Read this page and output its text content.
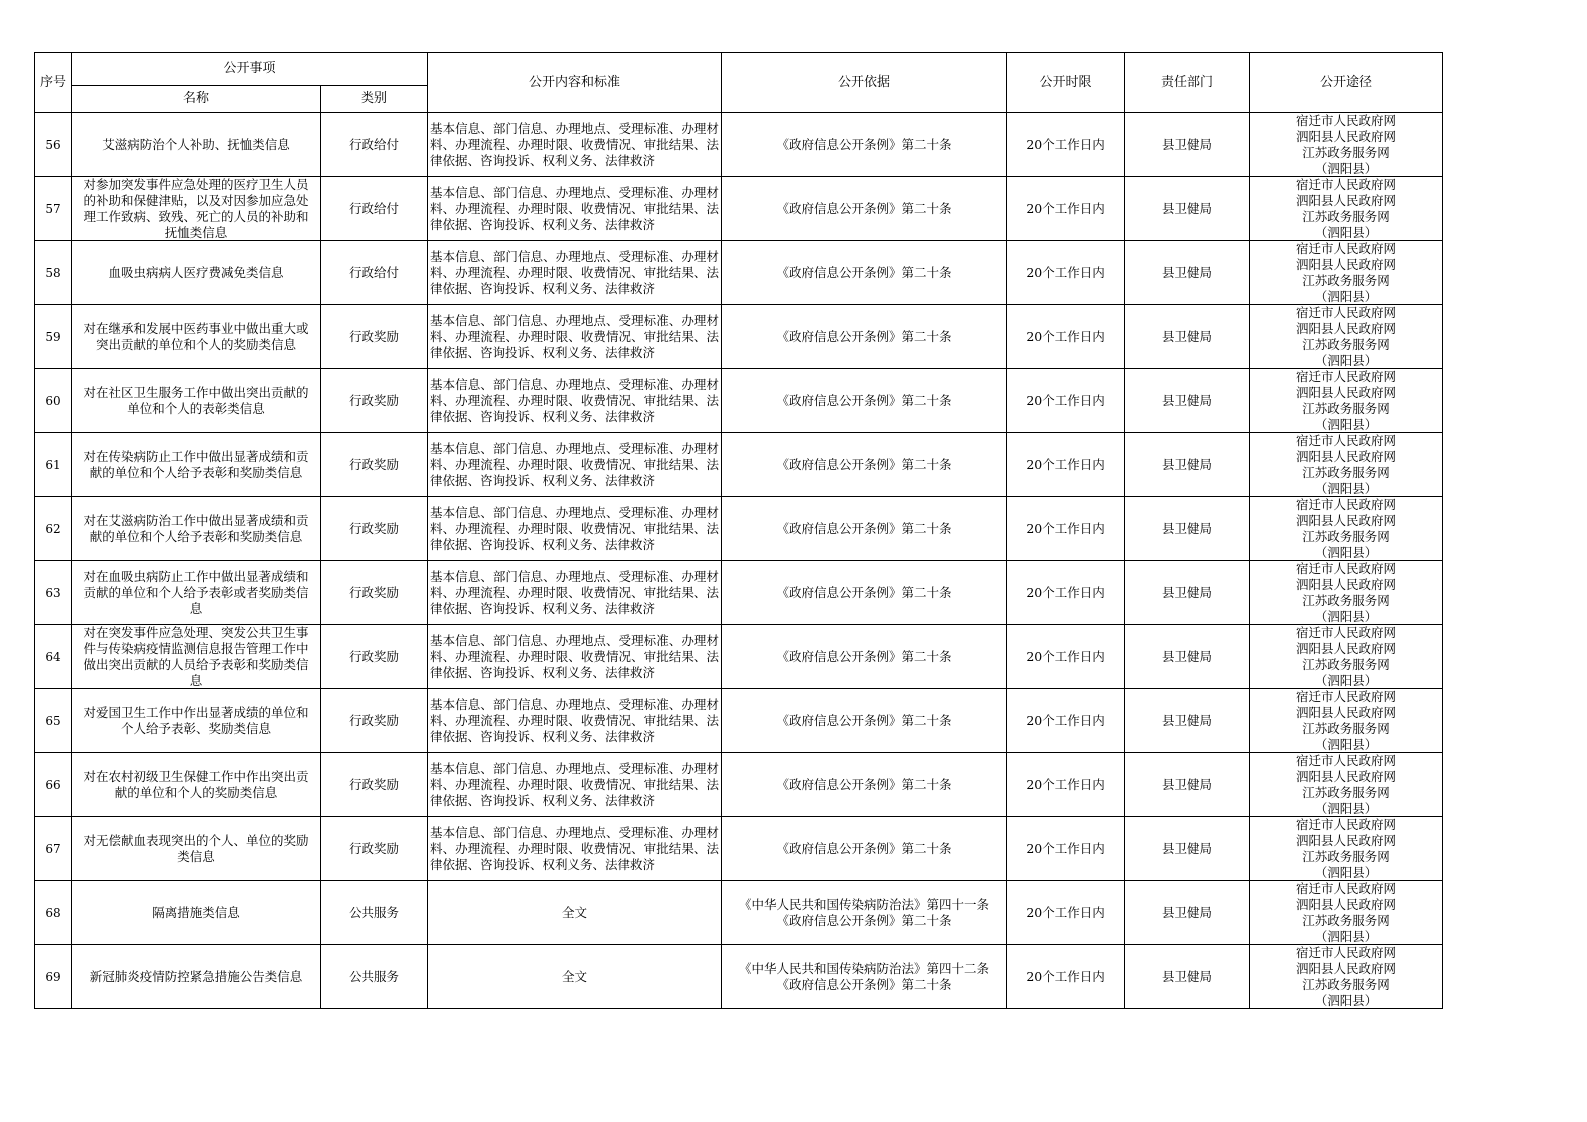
序号	公开事项		公开内容和标准	公开依据	公开时限	责任部门	公开途径
	名称	类别					

56	艾滋病防治个人补助、抚恤类信息	行政给付	基本信息、部门信息、办理地点、受理标准、办理材料、办理流程、办理时限、收费情况、审批结果、法律依据、咨询投诉、权利义务、法律救济	《政府信息公开条例》第二十条	20个工作日内	县卫健局	宿迁市人民政府网
泗阳县人民政府网
江苏政务服务网
（泗阳县）

57	对参加突发事件应急处理的医疗卫生人员的补助和保健津贴，以及对因参加应急处理工作致病、致残、死亡的人员的补助和抚恤类信息	行政给付	基本信息、部门信息、办理地点、受理标准、办理材料、办理流程、办理时限、收费情况、审批结果、法律依据、咨询投诉、权利义务、法律救济	《政府信息公开条例》第二十条	20个工作日内	县卫健局	宿迁市人民政府网
泗阳县人民政府网
江苏政务服务网
（泗阳县）

58	血吸虫病病人医疗费减免类信息	行政给付	基本信息、部门信息、办理地点、受理标准、办理材料、办理流程、办理时限、收费情况、审批结果、法律依据、咨询投诉、权利义务、法律救济	《政府信息公开条例》第二十条	20个工作日内	县卫健局	宿迁市人民政府网
泗阳县人民政府网
江苏政务服务网
（泗阳县）

59	对在继承和发展中医药事业中做出重大或突出贡献的单位和个人的奖励类信息	行政奖励	基本信息、部门信息、办理地点、受理标准、办理材料、办理流程、办理时限、收费情况、审批结果、法律依据、咨询投诉、权利义务、法律救济	《政府信息公开条例》第二十条	20个工作日内	县卫健局	宿迁市人民政府网
泗阳县人民政府网
江苏政务服务网
（泗阳县）

60	对在社区卫生服务工作中做出突出贡献的单位和个人的表彰类信息	行政奖励	基本信息、部门信息、办理地点、受理标准、办理材料、办理流程、办理时限、收费情况、审批结果、法律依据、咨询投诉、权利义务、法律救济	《政府信息公开条例》第二十条	20个工作日内	县卫健局	宿迁市人民政府网
泗阳县人民政府网
江苏政务服务网
（泗阳县）

61	对在传染病防止工作中做出显著成绩和贡献的单位和个人给予表彰和奖励类信息	行政奖励	基本信息、部门信息、办理地点、受理标准、办理材料、办理流程、办理时限、收费情况、审批结果、法律依据、咨询投诉、权利义务、法律救济	《政府信息公开条例》第二十条	20个工作日内	县卫健局	宿迁市人民政府网
泗阳县人民政府网
江苏政务服务网
（泗阳县）

62	对在艾滋病防治工作中做出显著成绩和贡献的单位和个人给予表彰和奖励类信息	行政奖励	基本信息、部门信息、办理地点、受理标准、办理材料、办理流程、办理时限、收费情况、审批结果、法律依据、咨询投诉、权利义务、法律救济	《政府信息公开条例》第二十条	20个工作日内	县卫健局	宿迁市人民政府网
泗阳县人民政府网
江苏政务服务网
（泗阳县）

63	对在血吸虫病防止工作中做出显著成绩和贡献的单位和个人给予表彰或者奖励类信息	行政奖励	基本信息、部门信息、办理地点、受理标准、办理材料、办理流程、办理时限、收费情况、审批结果、法律依据、咨询投诉、权利义务、法律救济	《政府信息公开条例》第二十条	20个工作日内	县卫健局	宿迁市人民政府网
泗阳县人民政府网
江苏政务服务网
（泗阳县）

64	对在突发事件应急处理、突发公共卫生事件与传染病疫情监测信息报告管理工作中做出突出贡献的人员给予表彰和奖励类信息	行政奖励	基本信息、部门信息、办理地点、受理标准、办理材料、办理流程、办理时限、收费情况、审批结果、法律依据、咨询投诉、权利义务、法律救济	《政府信息公开条例》第二十条	20个工作日内	县卫健局	宿迁市人民政府网
泗阳县人民政府网
江苏政务服务网
（泗阳县）

65	对爱国卫生工作中作出显著成绩的单位和个人给予表彰、奖励类信息	行政奖励	基本信息、部门信息、办理地点、受理标准、办理材料、办理流程、办理时限、收费情况、审批结果、法律依据、咨询投诉、权利义务、法律救济	《政府信息公开条例》第二十条	20个工作日内	县卫健局	宿迁市人民政府网
泗阳县人民政府网
江苏政务服务网
（泗阳县）

66	对在农村初级卫生保健工作中作出突出贡献的单位和个人的奖励类信息	行政奖励	基本信息、部门信息、办理地点、受理标准、办理材料、办理流程、办理时限、收费情况、审批结果、法律依据、咨询投诉、权利义务、法律救济	《政府信息公开条例》第二十条	20个工作日内	县卫健局	宿迁市人民政府网
泗阳县人民政府网
江苏政务服务网
（泗阳县）

67	对无偿献血表现突出的个人、单位的奖励类信息	行政奖励	基本信息、部门信息、办理地点、受理标准、办理材料、办理流程、办理时限、收费情况、审批结果、法律依据、咨询投诉、权利义务、法律救济	《政府信息公开条例》第二十条	20个工作日内	县卫健局	宿迁市人民政府网
泗阳县人民政府网
江苏政务服务网
（泗阳县）

68	隔离措施类信息	公共服务	全文	《中华人民共和国传染病防治法》第四十一条
《政府信息公开条例》第二十条	20个工作日内	县卫健局	宿迁市人民政府网
泗阳县人民政府网
江苏政务服务网
（泗阳县）

69	新冠肺炎疫情防控紧急措施公告类信息	公共服务	全文	《中华人民共和国传染病防治法》第四十二条
《政府信息公开条例》第二十条	20个工作日内	县卫健局	宿迁市人民政府网
泗阳县人民政府网
江苏政务服务网
（泗阳县）
